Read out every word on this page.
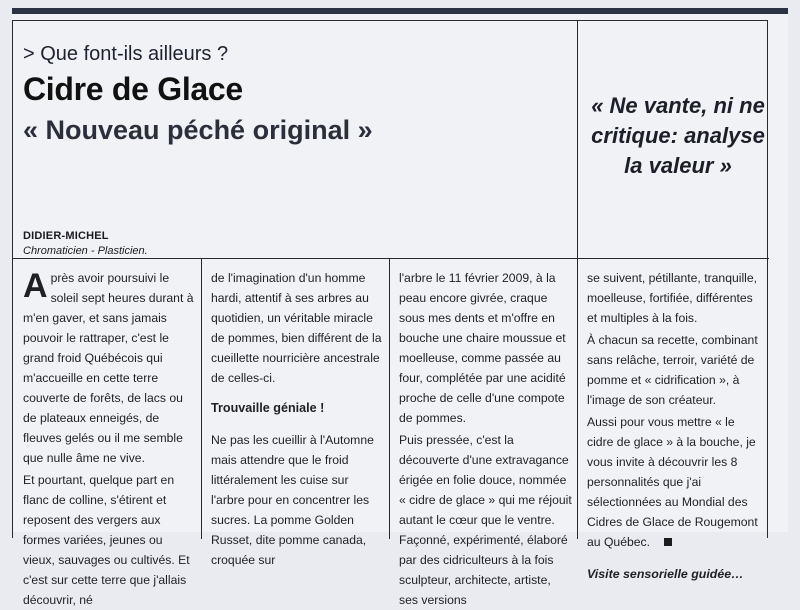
> Que font-ils ailleurs ?
Cidre de Glace
« Nouveau péché original »
DIDIER-MICHEL
Chromaticien - Plasticien.
« Ne vante, ni ne critique: analyse la valeur »

Après avoir poursuivi le soleil sept heures durant à m'en gaver, et sans jamais pouvoir le rattraper, c'est le grand froid Québécois qui m'accueille en cette terre couverte de forêts, de lacs ou de plateaux enneigés, de fleuves gelés ou il me semble que nulle âme ne vive.

Et pourtant, quelque part en flanc de colline, s'étirent et reposent des vergers aux formes variées, jeunes ou vieux, sauvages ou cultivés. Et c'est sur cette terre que j'allais découvrir, né

de l'imagination d'un homme hardi, attentif à ses arbres au quotidien, un véritable miracle de pommes, bien différent de la cueillette nourricière ancestrale de celles-ci.

Trouvaille géniale !

Ne pas les cueillir à l'Automne mais attendre que le froid littéralement les cuise sur l'arbre pour en concentrer les sucres. La pomme Golden Russet, dite pomme canada, croquée sur

l'arbre le 11 février 2009, à la peau encore givrée, craque sous mes dents et m'offre en bouche une chaire moussue et moelleuse, comme passée au four, complétée par une acidité proche de celle d'une compote de pommes.

Puis pressée, c'est la découverte d'une extravagance érigée en folie douce, nommée « cidre de glace » qui me réjouit autant le cœur que le ventre. Façonné, expérimenté, élaboré par des cidriculteurs à la fois sculpteur, architecte, artiste, ses versions

se suivent, pétillante, tranquille, moelleuse, fortifiée, différentes et multiples à la fois.

À chacun sa recette, combinant sans relâche, terroir, variété de pomme et « cidrification », à l'image de son créateur.

Aussi pour vous mettre « le cidre de glace » à la bouche, je vous invite à découvrir les 8 personnalités que j'ai sélectionnées au Mondial des Cidres de Glace de Rougemont au Québec.

Visite sensorielle guidée…
